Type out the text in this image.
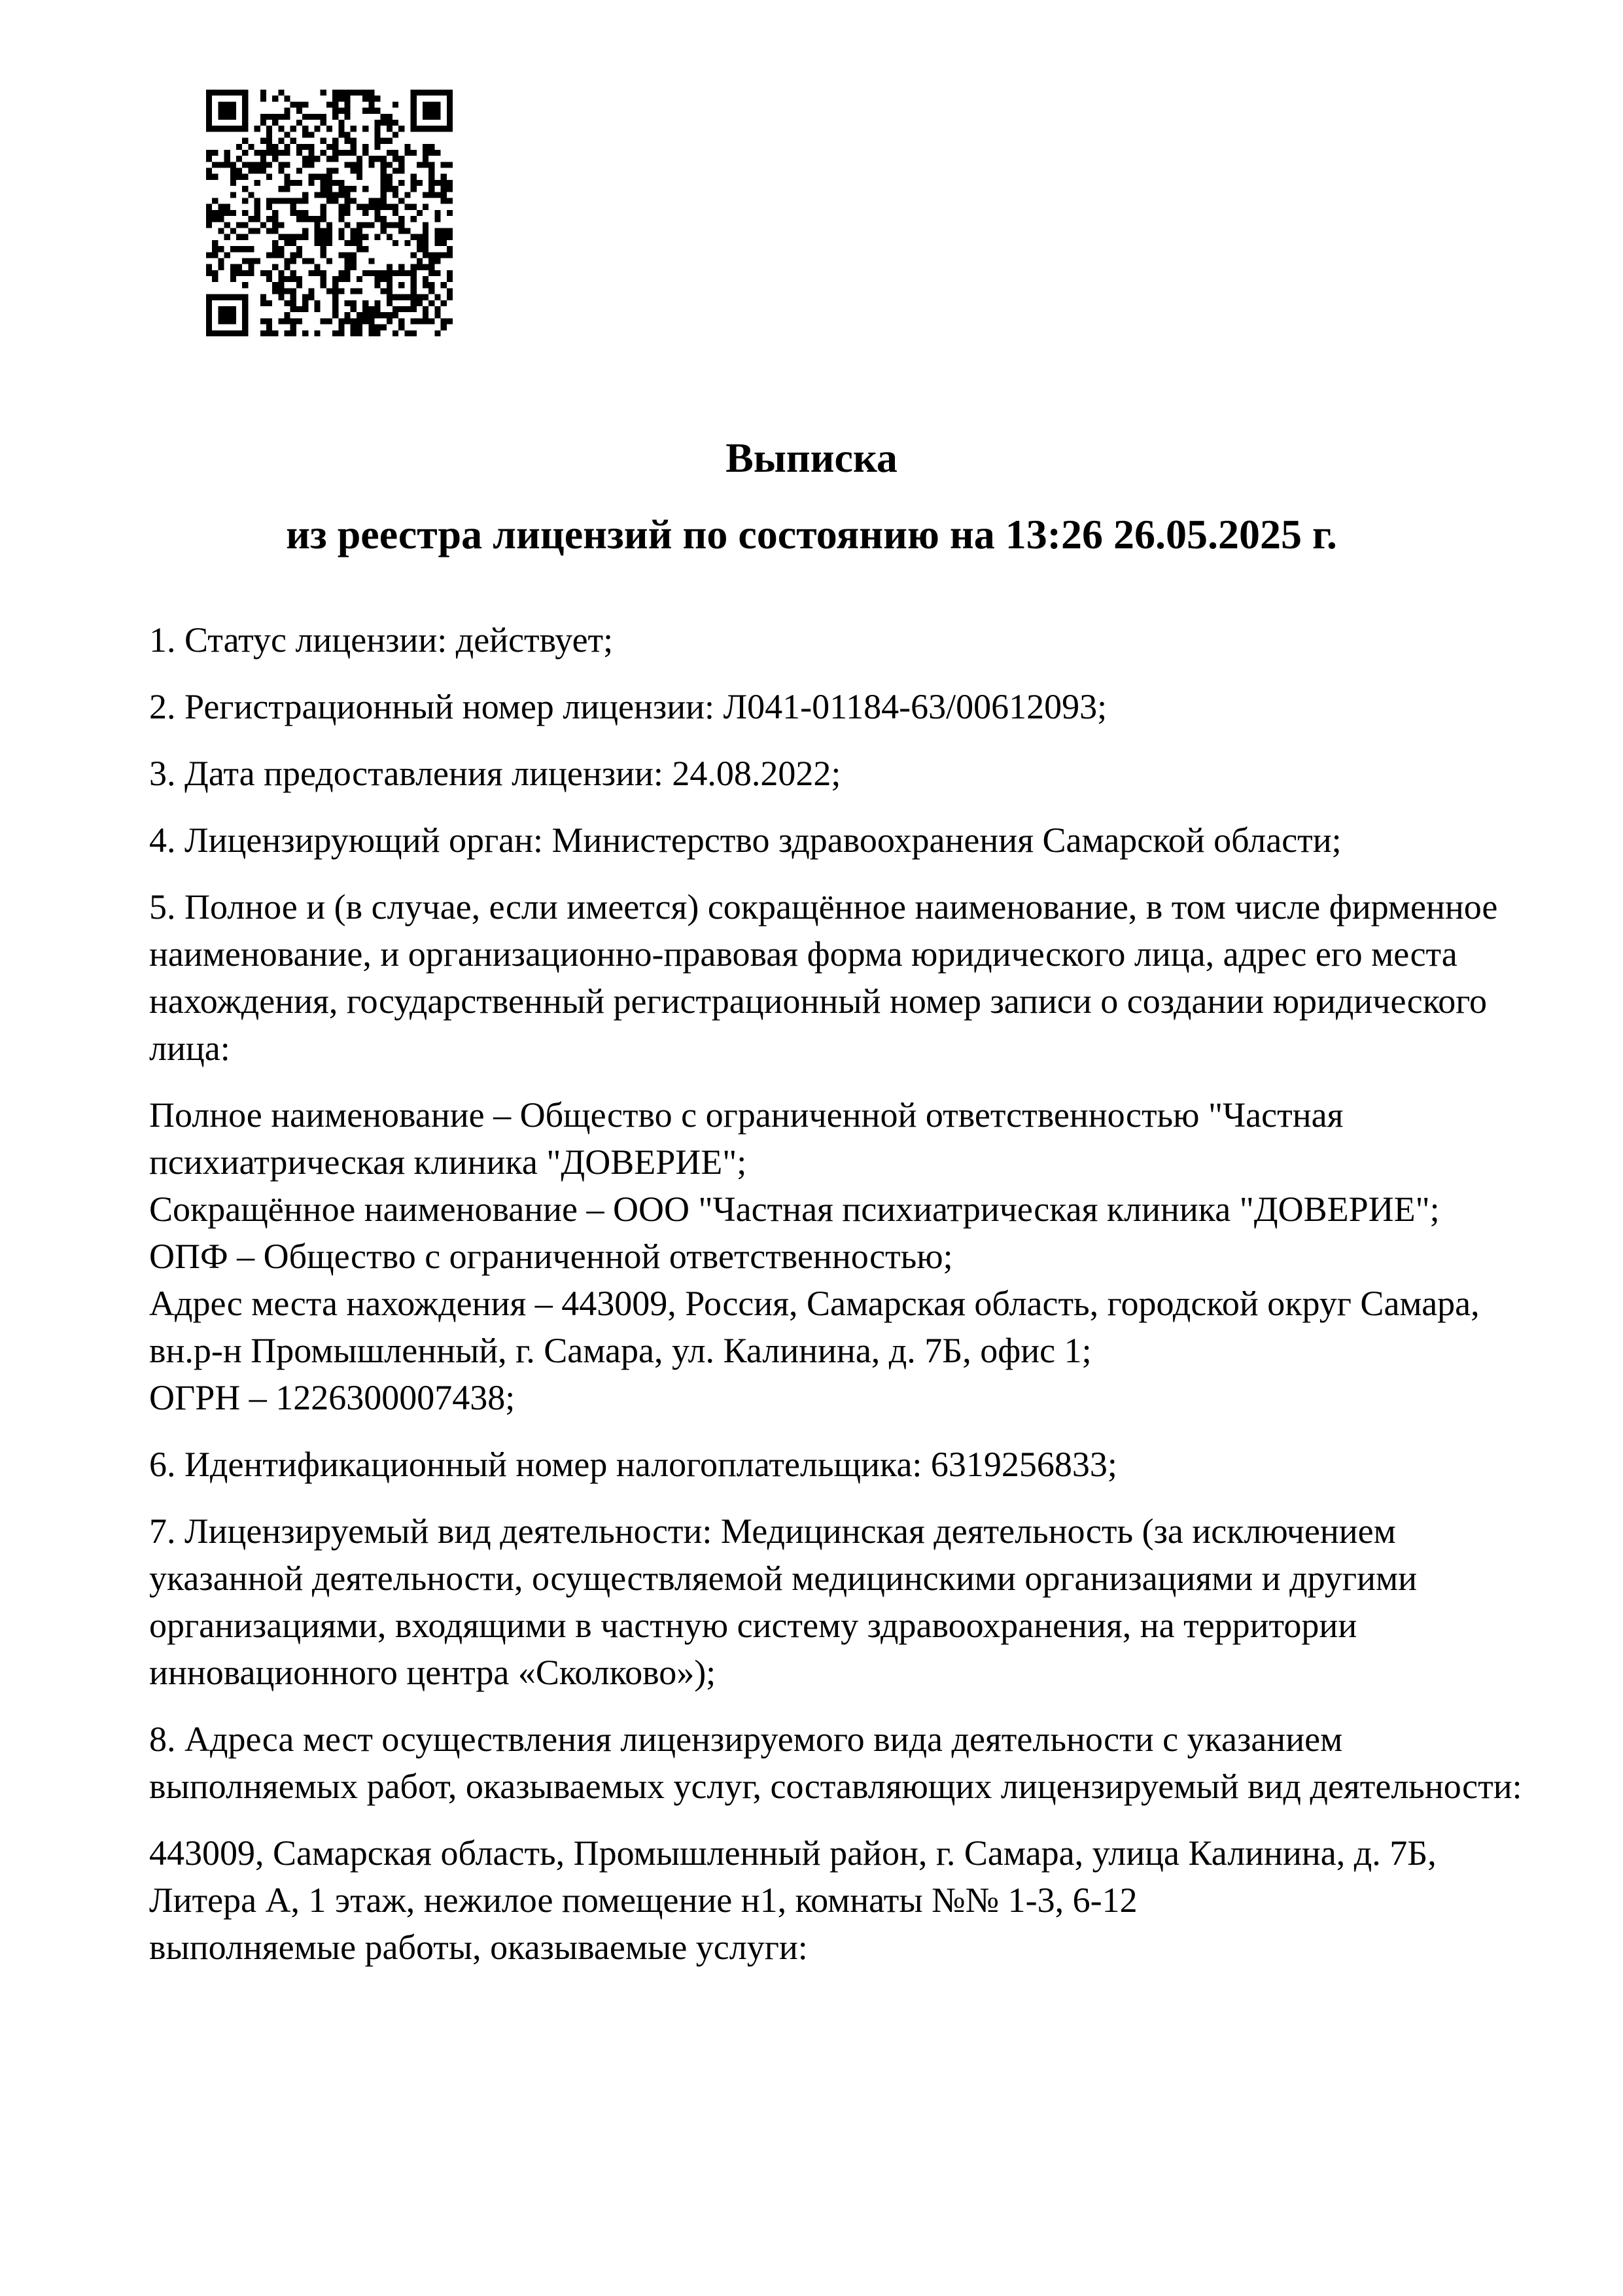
Выписка
из реестра лицензий по состоянию на 13:26 26.05.2025 г.

1. Статус лицензии: действует;

2. Регистрационный номер лицензии: Л041-01184-63/00612093;

3. Дата предоставления лицензии: 24.08.2022;

4. Лицензирующий орган: Министерство здравоохранения Самарской области;

5. Полное и (в случае, если имеется) сокращённое наименование, в том числе фирменное наименование, и организационно-правовая форма юридического лица, адрес его места нахождения, государственный регистрационный номер записи о создании юридического лица:

Полное наименование – Общество с ограниченной ответственностью "Частная психиатрическая клиника "ДОВЕРИЕ";
Сокращённое наименование – ООО "Частная психиатрическая клиника "ДОВЕРИЕ";
ОПФ – Общество с ограниченной ответственностью;
Адрес места нахождения – 443009, Россия, Самарская область, городской округ Самара, вн.р-н Промышленный, г. Самара, ул. Калинина, д. 7Б, офис 1;
ОГРН – 1226300007438;

6. Идентификационный номер налогоплательщика: 6319256833;

7. Лицензируемый вид деятельности: Медицинская деятельность (за исключением указанной деятельности, осуществляемой медицинскими организациями и другими организациями, входящими в частную систему здравоохранения, на территории инновационного центра «Сколково»);

8. Адреса мест осуществления лицензируемого вида деятельности с указанием выполняемых работ, оказываемых услуг, составляющих лицензируемый вид деятельности:

443009, Самарская область, Промышленный район, г. Самара, улица Калинина, д. 7Б, Литера А, 1 этаж, нежилое помещение н1, комнаты №№ 1-3, 6-12
выполняемые работы, оказываемые услуги:
